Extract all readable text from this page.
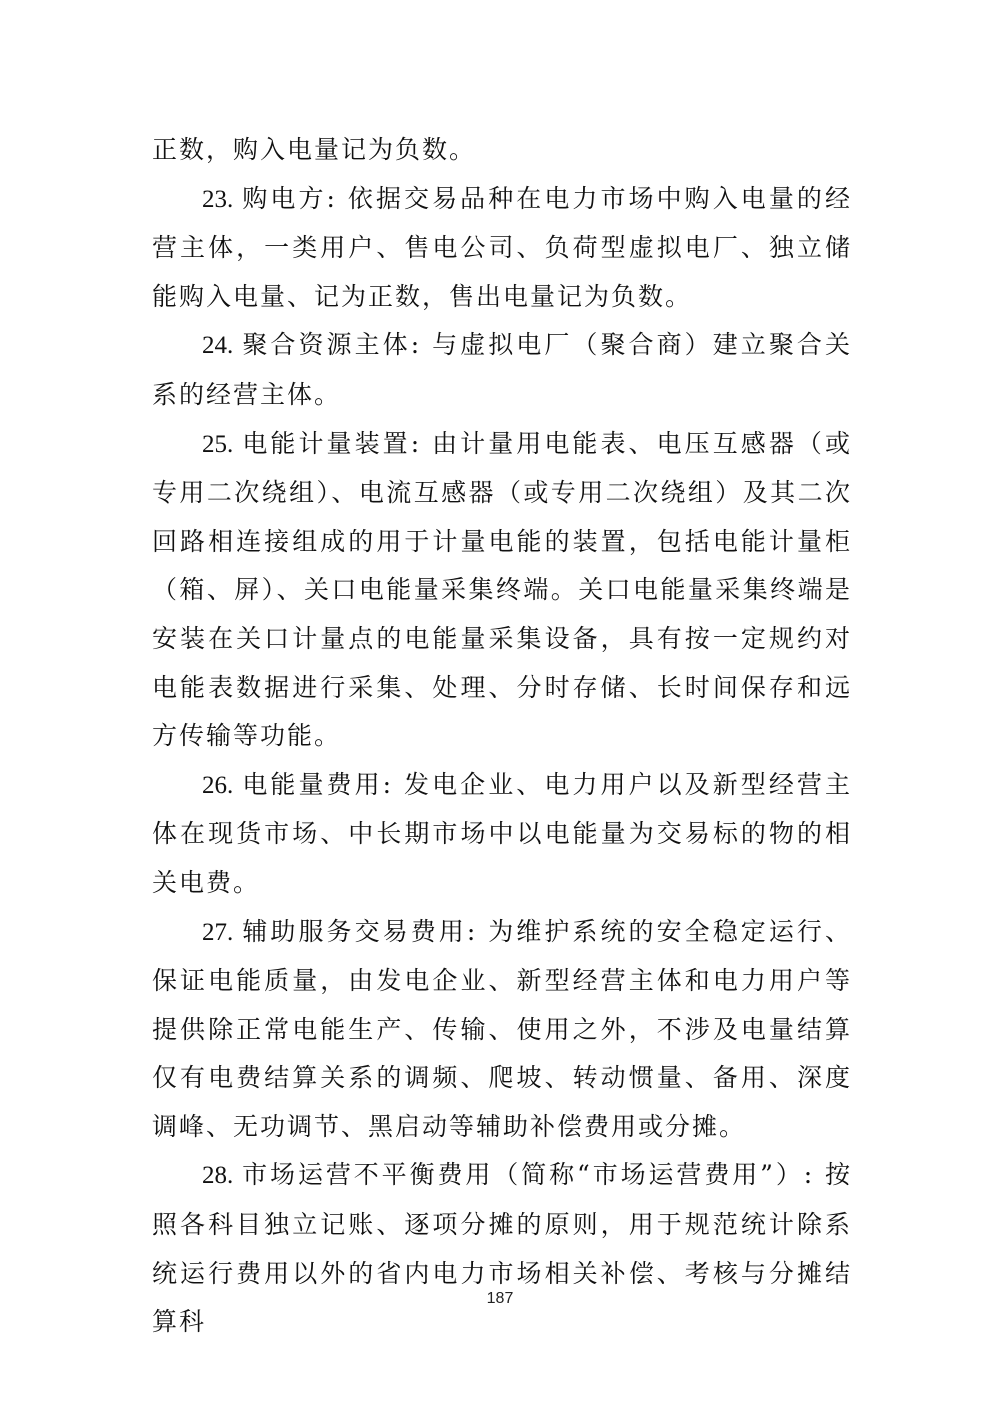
正数，购入电量记为负数。

23. 购电方: 依据交易品种在电力市场中购入电量的经营主体，一类用户、售电公司、负荷型虚拟电厂、独立储能购入电量、记为正数，售出电量记为负数。

24. 聚合资源主体: 与虚拟电厂（聚合商）建立聚合关系的经营主体。

25. 电能计量装置: 由计量用电能表、电压互感器（或专用二次绕组）、电流互感器（或专用二次绕组）及其二次回路相连接组成的用于计量电能的装置，包括电能计量柜（箱、屏）、关口电能量采集终端。关口电能量采集终端是安装在关口计量点的电能量采集设备，具有按一定规约对电能表数据进行采集、处理、分时存储、长时间保存和远方传输等功能。

26. 电能量费用: 发电企业、电力用户以及新型经营主体在现货市场、中长期市场中以电能量为交易标的物的相关电费。

27. 辅助服务交易费用: 为维护系统的安全稳定运行、保证电能质量，由发电企业、新型经营主体和电力用户等提供除正常电能生产、传输、使用之外，不涉及电量结算仅有电费结算关系的调频、爬坡、转动惯量、备用、深度调峰、无功调节、黑启动等辅助补偿费用或分摊。

28. 市场运营不平衡费用（简称“市场运营费用”）: 按照各科目独立记账、逐项分摊的原则，用于规范统计除系统运行费用以外的省内电力市场相关补偿、考核与分摊结算科

187
